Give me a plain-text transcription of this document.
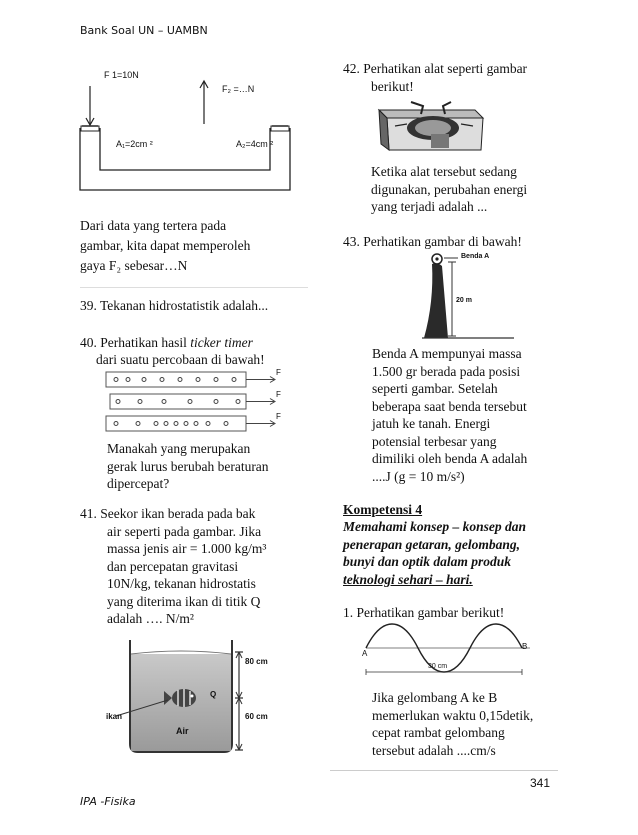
Bank Soal UN – UAMBN
F 1=10N
F₂ =…N
A₁=2cm ²	A₂=4cm ²
Dari data yang tertera pada
gambar, kita dapat memperoleh
gaya F₂ sebesar…N
39. Tekanan hidrostatistik adalah...
40. Perhatikan hasil ticker timer
dari suatu percobaan di bawah!
F
F
F
Manakah yang merupakan
gerak lurus berubah beraturan
dipercepat?
41. Seekor ikan berada pada bak
air seperti pada gambar. Jika
massa jenis air = 1.000 kg/m³
dan percepatan gravitasi
10N/kg, tekanan hidrostatis
yang diterima ikan di titik Q
adalah …. N/m²
80 cm
60 cm
ikan
Air
Q
42. Perhatikan alat seperti gambar
berikut!
Ketika alat tersebut sedang
digunakan, perubahan energi
yang terjadi adalah ...
43. Perhatikan gambar di bawah!
Benda A
20 m
Benda A mempunyai massa
1.500 gr berada pada posisi
seperti gambar. Setelah
beberapa saat benda tersebut
jatuh ke tanah. Energi
potensial terbesar yang
dimiliki oleh benda A adalah
....J (g = 10 m/s²)
Kompetensi 4
Memahami konsep – konsep dan
penerapan getaran, gelombang,
bunyi dan optik dalam produk
teknologi sehari – hari.
1. Perhatikan gambar berikut!
A
B
30 cm
Jika gelombang A ke B
memerlukan waktu 0,15detik,
cepat rambat gelombang
tersebut adalah ....cm/s
341
IPA -Fisika
